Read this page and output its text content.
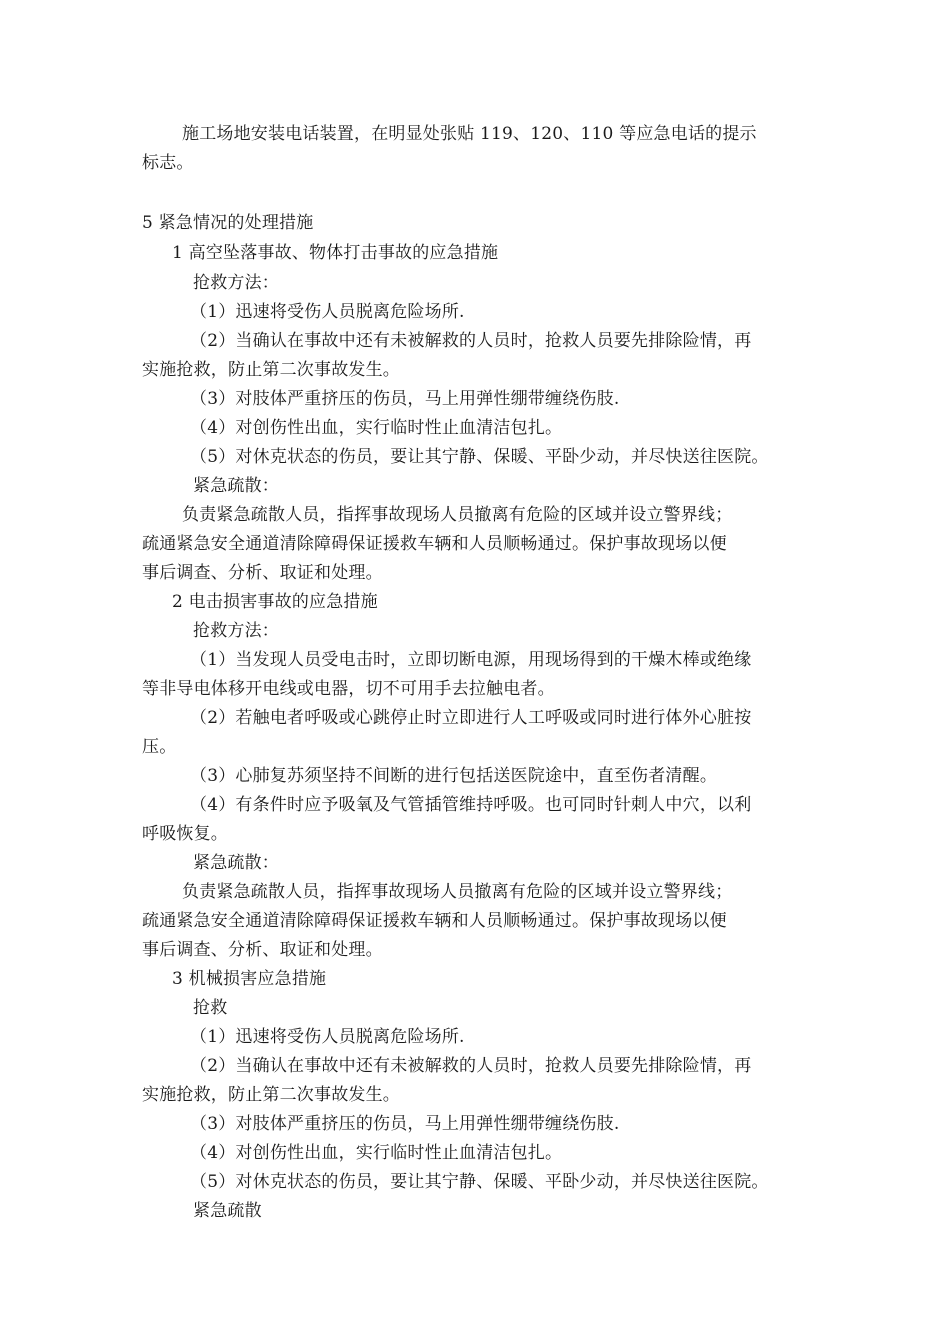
施工场地安装电话装置，在明显处张贴 119、120、110 等应急电话的提示
标志。
5 紧急情况的处理措施
1 高空坠落事故、物体打击事故的应急措施
抢救方法：
（1）迅速将受伤人员脱离危险场所.
（2）当确认在事故中还有未被解救的人员时，抢救人员要先排除险情，再
实施抢救，防止第二次事故发生。
（3）对肢体严重挤压的伤员，马上用弹性绷带缠绕伤肢.
（4）对创伤性出血，实行临时性止血清洁包扎。
（5）对休克状态的伤员，要让其宁静、保暖、平卧少动，并尽快送往医院。
紧急疏散：
负责紧急疏散人员，指挥事故现场人员撤离有危险的区域并设立警界线；
疏通紧急安全通道清除障碍保证援救车辆和人员顺畅通过。保护事故现场以便
事后调查、分析、取证和处理。
2 电击损害事故的应急措施
抢救方法：
（1）当发现人员受电击时，立即切断电源，用现场得到的干燥木棒或绝缘
等非导电体移开电线或电器，切不可用手去拉触电者。
（2）若触电者呼吸或心跳停止时立即进行人工呼吸或同时进行体外心脏按
压。
（3）心肺复苏须坚持不间断的进行包括送医院途中，直至伤者清醒。
（4）有条件时应予吸氧及气管插管维持呼吸。也可同时针刺人中穴，以利
呼吸恢复。
紧急疏散：
负责紧急疏散人员，指挥事故现场人员撤离有危险的区域并设立警界线；
疏通紧急安全通道清除障碍保证援救车辆和人员顺畅通过。保护事故现场以便
事后调查、分析、取证和处理。
3 机械损害应急措施
抢救
（1）迅速将受伤人员脱离危险场所.
（2）当确认在事故中还有未被解救的人员时，抢救人员要先排除险情，再
实施抢救，防止第二次事故发生。
（3）对肢体严重挤压的伤员，马上用弹性绷带缠绕伤肢.
（4）对创伤性出血，实行临时性止血清洁包扎。
（5）对休克状态的伤员，要让其宁静、保暖、平卧少动，并尽快送往医院。
紧急疏散
